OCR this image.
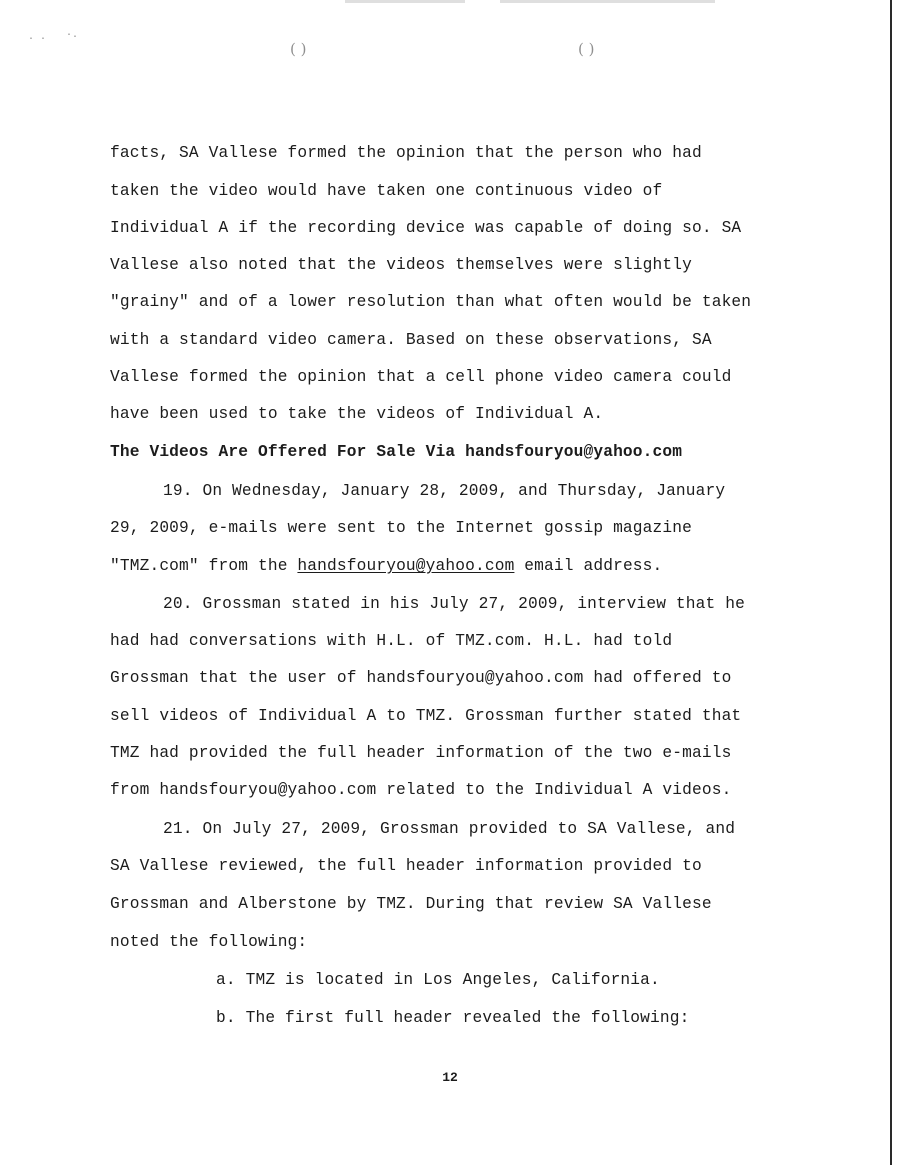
· · ·.
( )	( )
facts, SA Vallese formed the opinion that the person who had
taken the video would have taken one continuous video of
Individual A if the recording device was capable of doing so. SA
Vallese also noted that the videos themselves were slightly
"grainy" and of a lower resolution than what often would be taken
with a standard video camera. Based on these observations, SA
Vallese formed the opinion that a cell phone video camera could
have been used to take the videos of Individual A.
The Videos Are Offered For Sale Via handsfouryou@yahoo.com
19. On Wednesday, January 28, 2009, and Thursday, January
29, 2009, e-mails were sent to the Internet gossip magazine
"TMZ.com" from the handsfouryou@yahoo.com email address.
20. Grossman stated in his July 27, 2009, interview that he
had had conversations with H.L. of TMZ.com. H.L. had told
Grossman that the user of handsfouryou@yahoo.com had offered to
sell videos of Individual A to TMZ. Grossman further stated that
TMZ had provided the full header information of the two e-mails
from handsfouryou@yahoo.com related to the Individual A videos.
21. On July 27, 2009, Grossman provided to SA Vallese, and
SA Vallese reviewed, the full header information provided to
Grossman and Alberstone by TMZ. During that review SA Vallese
noted the following:
a. TMZ is located in Los Angeles, California.
b. The first full header revealed the following:
12
